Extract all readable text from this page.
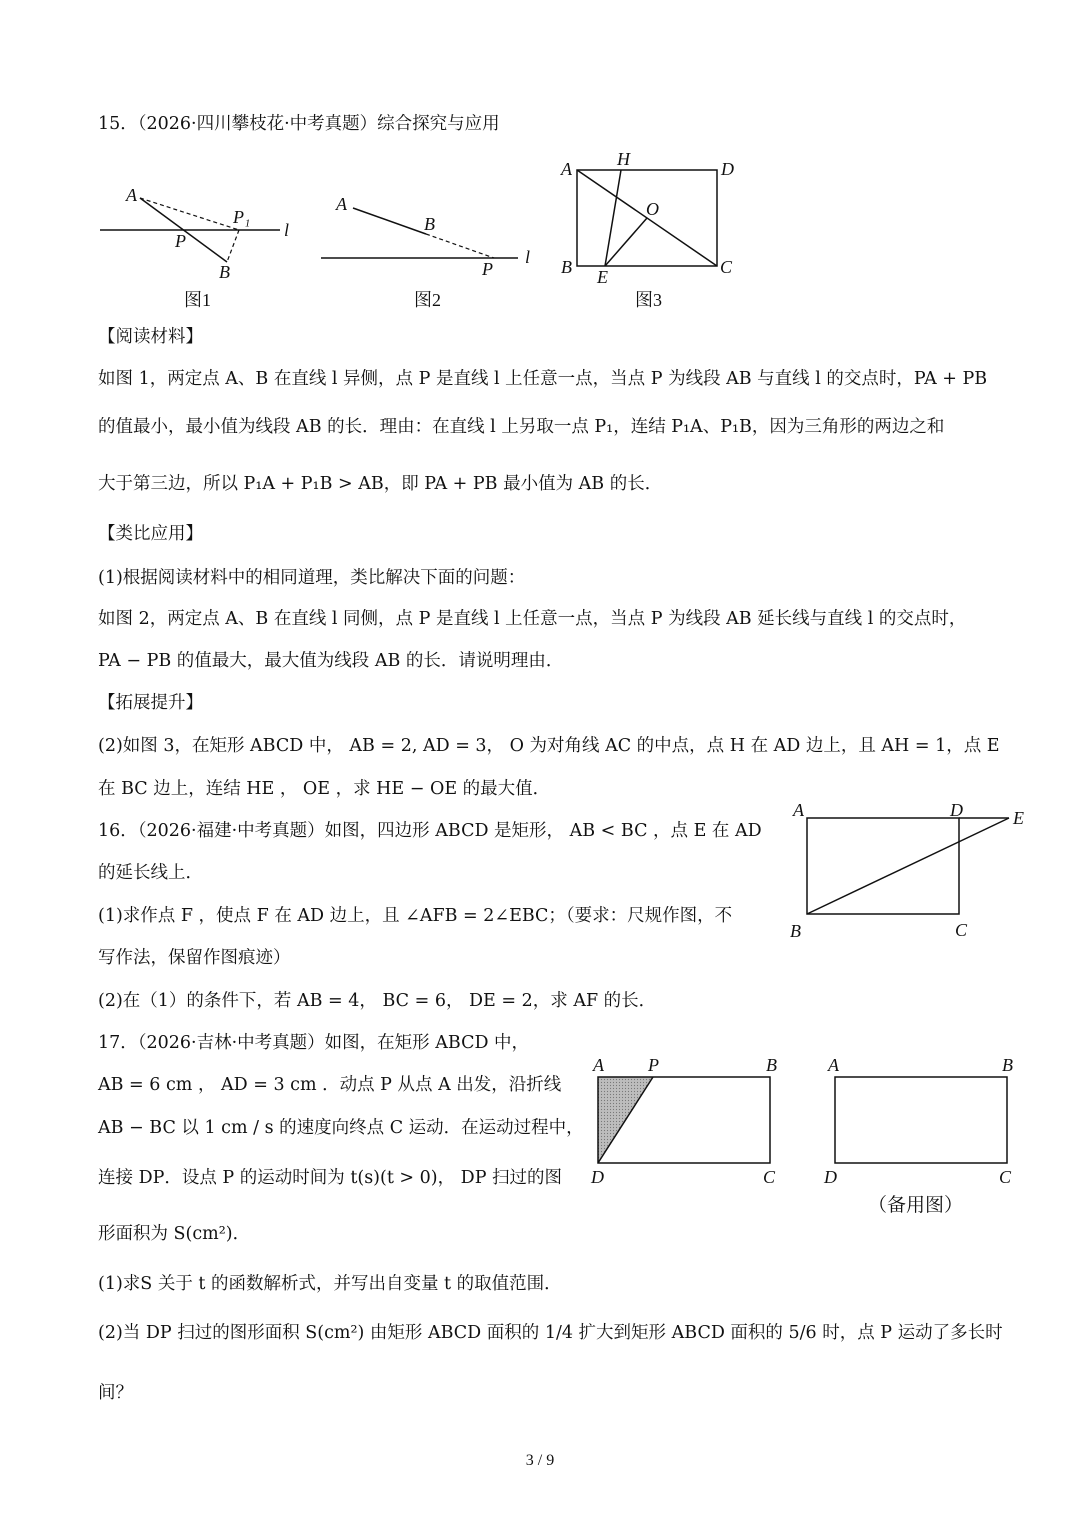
15．（2026·四川攀枝花·中考真题）综合探究与应用
A
P
P₁
B
l
图1
A
B
P
l
图2
A	H	D
O
B E	C
图3
【阅读材料】
如图 1，两定点 A、B 在直线 l 异侧，点 P 是直线 l 上任意一点，当点 P 为线段 AB 与直线 l 的交点时，PA + PB
的值最小，最小值为线段 AB 的长．理由：在直线 l 上另取一点 P₁，连结 P₁A、P₁B，因为三角形的两边之和
大于第三边，所以 P₁A + P₁B > AB，即 PA + PB 最小值为 AB 的长．
【类比应用】
(1)根据阅读材料中的相同道理，类比解决下面的问题：
如图 2，两定点 A、B 在直线 l 同侧，点 P 是直线 l 上任意一点，当点 P 为线段 AB 延长线与直线 l 的交点时，
PA − PB 的值最大，最大值为线段 AB 的长．请说明理由．
【拓展提升】
(2)如图 3，在矩形 ABCD 中， AB = 2, AD = 3， O 为对角线 AC 的中点，点 H 在 AD 边上，且 AH = 1，点 E
在 BC 边上，连结 HE ， OE ，求 HE − OE 的最大值．
16．（2026·福建·中考真题）如图，四边形 ABCD 是矩形， AB < BC ，点 E 在 AD
的延长线上．
(1)求作点 F ，使点 F 在 AD 边上，且 ∠AFB = 2∠EBC；（要求：尺规作图，不
写作法，保留作图痕迹）
(2)在（1）的条件下，若 AB = 4， BC = 6， DE = 2，求 AF 的长．
A	D	E
B	C
17．（2026·吉林·中考真题）如图，在矩形 ABCD 中，
AB = 6 cm ， AD = 3 cm ．动点 P 从点 A 出发，沿折线
AB − BC 以 1 cm / s 的速度向终点 C 运动．在运动过程中，
连接 DP．设点 P 的运动时间为 t(s)(t > 0)， DP 扫过的图
形面积为 S(cm²)．
(1)求S 关于 t 的函数解析式，并写出自变量 t 的取值范围．
(2)当 DP 扫过的图形面积 S(cm²) 由矩形 ABCD 面积的 1/4 扩大到矩形 ABCD 面积的 5/6 时，点 P 运动了多长时
间？
A P	B
D	C
A	B
D	C
（备用图）
3 / 9
